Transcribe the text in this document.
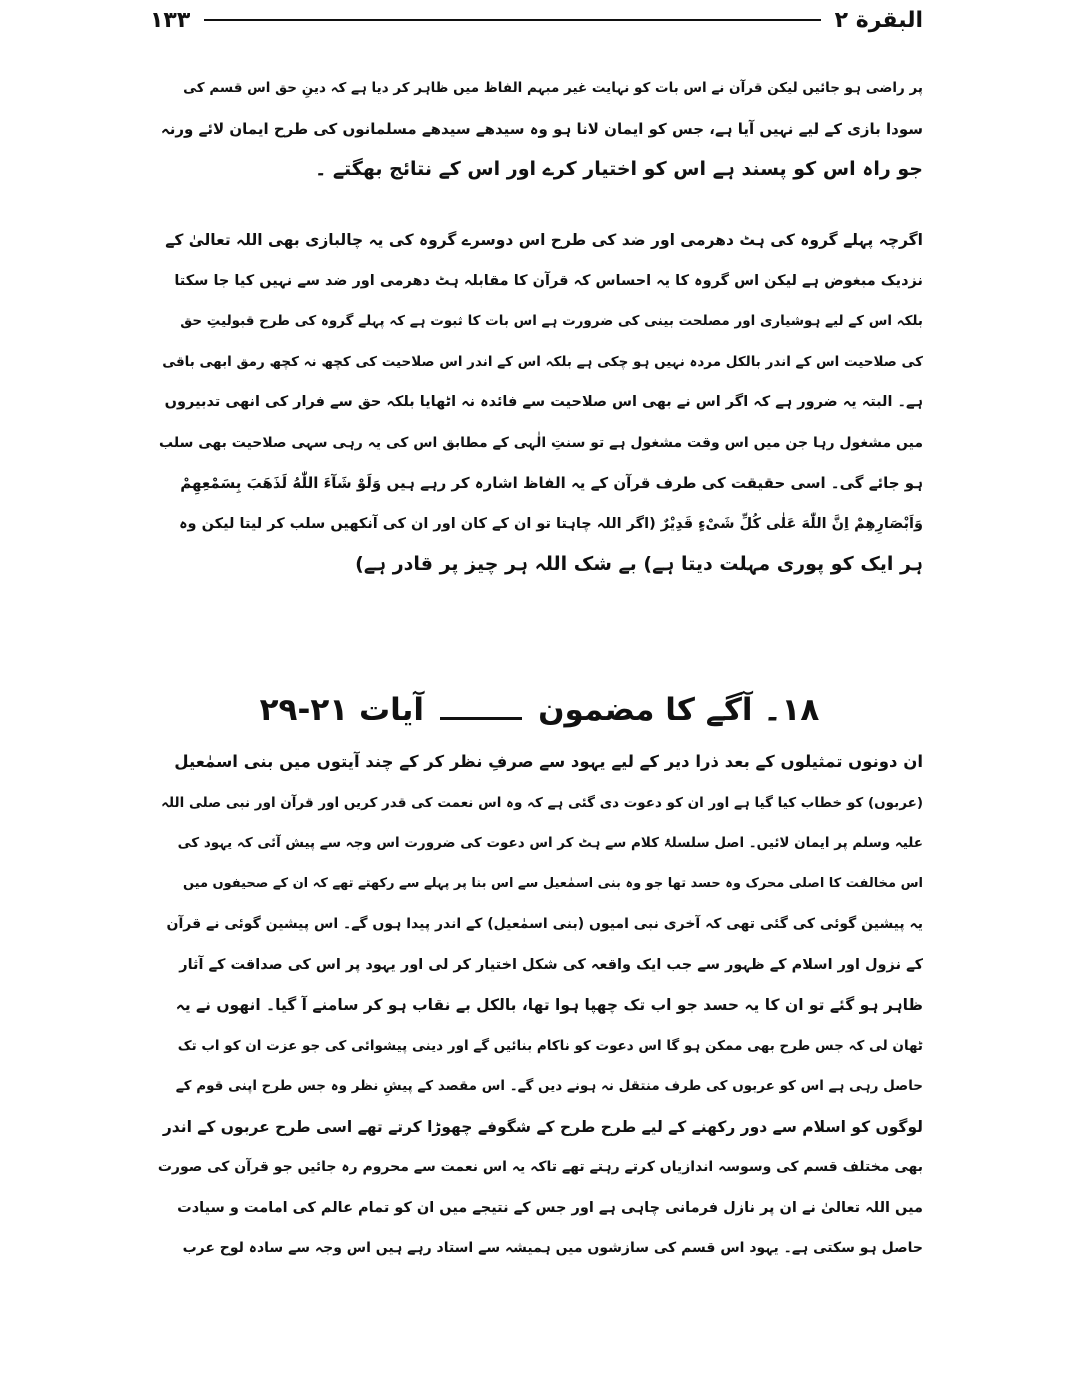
البقرة ٢
١٣٣
پر راضی ہو جائیں لیکن قرآن نے اس بات کو نہایت غیر مبہم الفاظ میں ظاہر کر دیا ہے کہ دینِ حق اس قسم کی
سودا بازی کے لیے نہیں آیا ہے، جس کو ایمان لانا ہو وہ سیدھے سیدھے مسلمانوں کی طرح ایمان لائے ورنہ
جو راہ اس کو پسند ہے اس کو اختیار کرے اور اس کے نتائج بھگتے ۔
اگرچہ پہلے گروہ کی ہٹ دھرمی اور ضد کی طرح اس دوسرے گروہ کی یہ چالبازی بھی اللہ تعالیٰ کے
نزدیک مبغوض ہے لیکن اس گروہ کا یہ احساس کہ قرآن کا مقابلہ ہٹ دھرمی اور ضد سے نہیں کیا جا سکتا
بلکہ اس کے لیے ہوشیاری اور مصلحت بینی کی ضرورت ہے اس بات کا ثبوت ہے کہ پہلے گروہ کی طرح قبولیتِ حق
کی صلاحیت اس کے اندر بالکل مردہ نہیں ہو چکی ہے بلکہ اس کے اندر اس صلاحیت کی کچھ نہ کچھ رمق ابھی باقی
ہے۔ البتہ یہ ضرور ہے کہ اگر اس نے بھی اس صلاحیت سے فائدہ نہ اٹھایا بلکہ حق سے فرار کی انھی تدبیروں
میں مشغول رہا جن میں اس وقت مشغول ہے تو سنتِ الٰہی کے مطابق اس کی یہ رہی سہی صلاحیت بھی سلب
ہو جائے گی۔ اسی حقیقت کی طرف قرآن کے یہ الفاظ اشارہ کر رہے ہیں وَلَوْ شَآءَ اللّٰهُ لَذَهَبَ بِسَمْعِهِمْ
وَاَبْصَارِهِمْ اِنَّ اللّٰهَ عَلٰى كُلِّ شَیْءٍ قَدِیْرٌ (اگر اللہ چاہتا تو ان کے کان اور ان کی آنکھیں سلب کر لیتا لیکن وہ
ہر ایک کو پوری مہلت دیتا ہے) بے شک اللہ ہر چیز پر قادر ہے)
۱۸۔ آگے کا مضمون
آیات ۲۱-۲۹
ان دونوں تمثیلوں کے بعد ذرا دیر کے لیے یہود سے صرفِ نظر کر کے چند آیتوں میں بنی اسمٰعیل
(عربوں) کو خطاب کیا گیا ہے اور ان کو دعوت دی گئی ہے کہ وہ اس نعمت کی قدر کریں اور قرآن اور نبی صلی اللہ
علیہ وسلم پر ایمان لائیں۔ اصل سلسلۂ کلام سے ہٹ کر اس دعوت کی ضرورت اس وجہ سے پیش آئی کہ یہود کی
اس مخالفت کا اصلی محرک وہ حسد تھا جو وہ بنی اسمٰعیل سے اس بنا پر پہلے سے رکھتے تھے کہ ان کے صحیفوں میں
یہ پیشین گوئی کی گئی تھی کہ آخری نبی امیوں (بنی اسمٰعیل) کے اندر پیدا ہوں گے۔ اس پیشین گوئی نے قرآن
کے نزول اور اسلام کے ظہور سے جب ایک واقعہ کی شکل اختیار کر لی اور یہود پر اس کی صداقت کے آثار
ظاہر ہو گئے تو ان کا یہ حسد جو اب تک چھپا ہوا تھا، بالکل بے نقاب ہو کر سامنے آ گیا۔ انھوں نے یہ
ٹھان لی کہ جس طرح بھی ممکن ہو گا اس دعوت کو ناکام بنائیں گے اور دینی پیشوائی کی جو عزت ان کو اب تک
حاصل رہی ہے اس کو عربوں کی طرف منتقل نہ ہونے دیں گے۔ اس مقصد کے پیشِ نظر وہ جس طرح اپنی قوم کے
لوگوں کو اسلام سے دور رکھنے کے لیے طرح طرح کے شگوفے چھوڑا کرتے تھے اسی طرح عربوں کے اندر
بھی مختلف قسم کی وسوسہ اندازیاں کرتے رہتے تھے تاکہ یہ اس نعمت سے محروم رہ جائیں جو قرآن کی صورت
میں اللہ تعالیٰ نے ان پر نازل فرمانی چاہی ہے اور جس کے نتیجے میں ان کو تمام عالم کی امامت و سیادت
حاصل ہو سکتی ہے۔ یہود اس قسم کی سازشوں میں ہمیشہ سے استاد رہے ہیں اس وجہ سے سادہ لوح عرب
